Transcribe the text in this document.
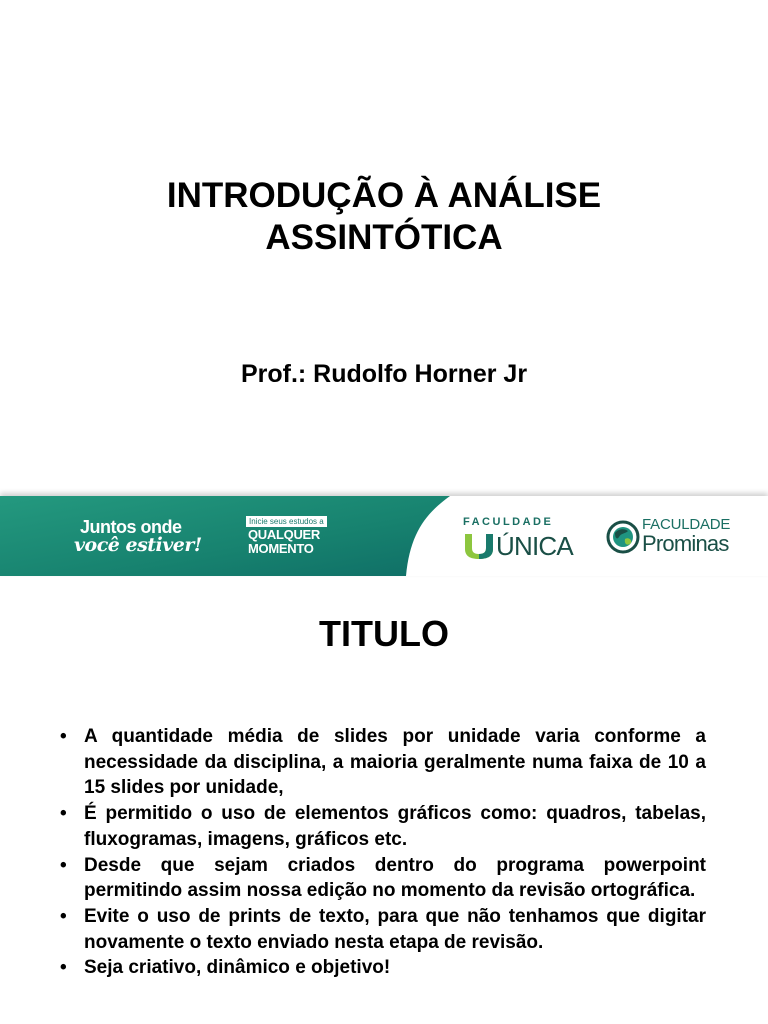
INTRODUÇÃO À ANÁLISE
ASSINTÓTICA
Prof.: Rudolfo Horner Jr
Juntos onde
você estiver!
Inicie seus estudos a
QUALQUER
MOMENTO
FACULDADE
ÚNICA
FACULDADE
Prominas
TITULO
• A quantidade média de slides por unidade varia conforme a necessidade da disciplina, a maioria geralmente numa faixa de 10 a 15 slides por unidade,
• É permitido o uso de elementos gráficos como: quadros, tabelas, fluxogramas, imagens, gráficos etc.
• Desde que sejam criados dentro do programa powerpoint permitindo assim nossa edição no momento da revisão ortográfica.
• Evite o uso de prints de texto, para que não tenhamos que digitar novamente o texto enviado nesta etapa de revisão.
• Seja criativo, dinâmico e objetivo!
